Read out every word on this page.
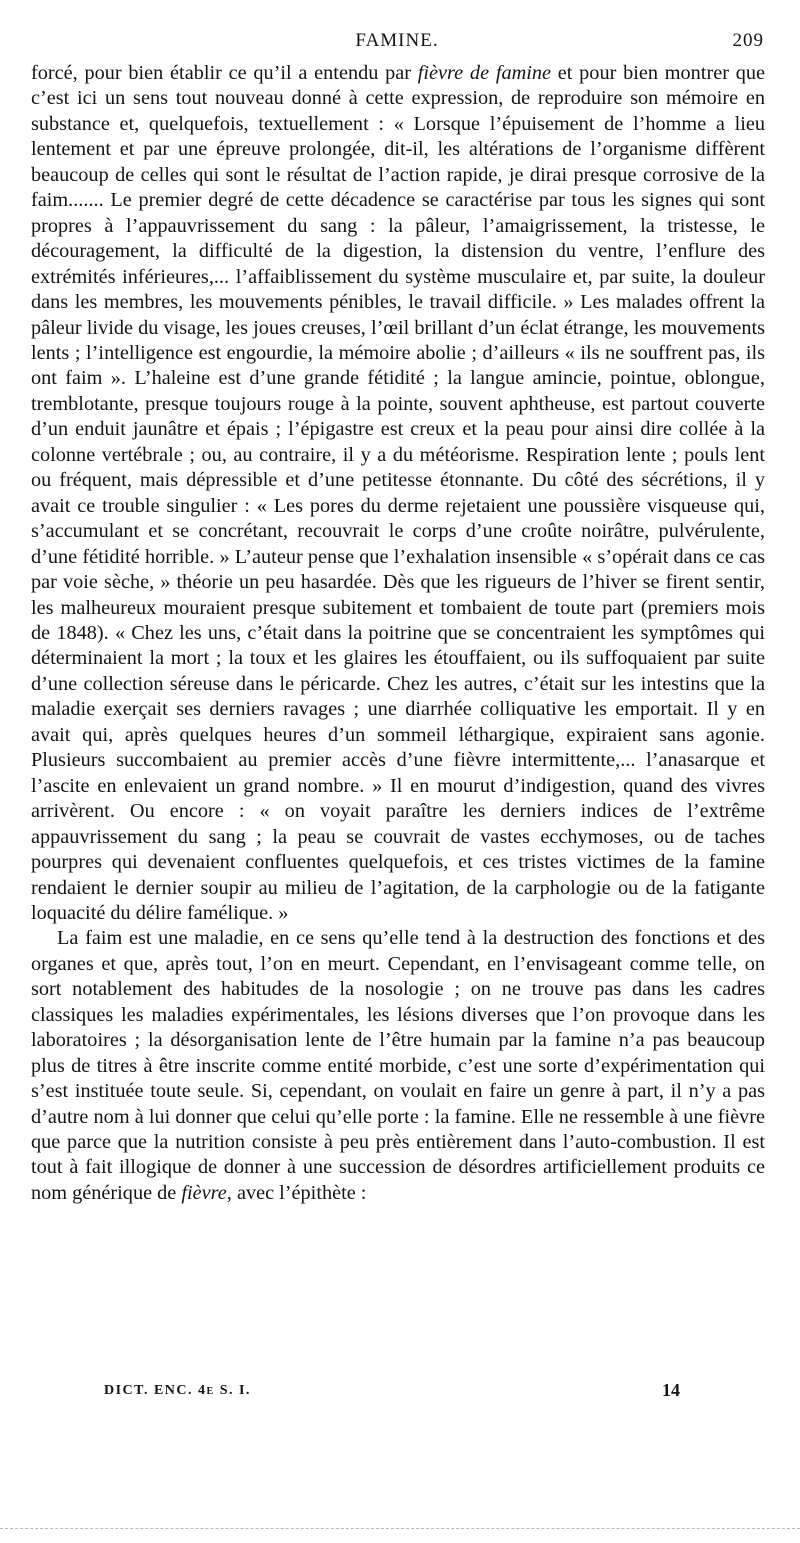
FAMINE.	209

forcé, pour bien établir ce qu’il a entendu par fièvre de famine et pour bien montrer que c’est ici un sens tout nouveau donné à cette expression, de reproduire son mémoire en substance et, quelquefois, textuellement : « Lorsque l’épuisement de l’homme a lieu lentement et par une épreuve prolongée, dit-il, les altérations de l’organisme diffèrent beaucoup de celles qui sont le résultat de l’action rapide, je dirai presque corrosive de la faim....... Le premier degré de cette décadence se caractérise par tous les signes qui sont propres à l’appauvrissement du sang : la pâleur, l’amaigrissement, la tristesse, le découragement, la difficulté de la digestion, la distension du ventre, l’enflure des extrémités inférieures,... l’affaiblissement du système musculaire et, par suite, la douleur dans les membres, les mouvements pénibles, le travail difficile. » Les malades offrent la pâleur livide du visage, les joues creuses, l’œil brillant d’un éclat étrange, les mouvements lents ; l’intelligence est engourdie, la mémoire abolie ; d’ailleurs « ils ne souffrent pas, ils ont faim ». L’haleine est d’une grande fétidité ; la langue amincie, pointue, oblongue, tremblotante, presque toujours rouge à la pointe, souvent aphtheuse, est partout couverte d’un enduit jaunâtre et épais ; l’épigastre est creux et la peau pour ainsi dire collée à la colonne vertébrale ; ou, au contraire, il y a du météorisme. Respiration lente ; pouls lent ou fréquent, mais dépressible et d’une petitesse étonnante. Du côté des sécrétions, il y avait ce trouble singulier : « Les pores du derme rejetaient une poussière visqueuse qui, s’accumulant et se concrétant, recouvrait le corps d’une croûte noirâtre, pulvérulente, d’une fétidité horrible. » L’auteur pense que l’exhalation insensible « s’opérait dans ce cas par voie sèche, » théorie un peu hasardée. Dès que les rigueurs de l’hiver se firent sentir, les malheureux mouraient presque subitement et tombaient de toute part (premiers mois de 1848). « Chez les uns, c’était dans la poitrine que se concentraient les symptômes qui déterminaient la mort ; la toux et les glaires les étouffaient, ou ils suffoquaient par suite d’une collection séreuse dans le péricarde. Chez les autres, c’était sur les intestins que la maladie exerçait ses derniers ravages ; une diarrhée colliquative les emportait. Il y en avait qui, après quelques heures d’un sommeil léthargique, expiraient sans agonie. Plusieurs succombaient au premier accès d’une fièvre intermittente,... l’anasarque et l’ascite en enlevaient un grand nombre. » Il en mourut d’indigestion, quand des vivres arrivèrent. Ou encore : « on voyait paraître les derniers indices de l’extrême appauvrissement du sang ; la peau se couvrait de vastes ecchymoses, ou de taches pourpres qui devenaient confluentes quelquefois, et ces tristes victimes de la famine rendaient le dernier soupir au milieu de l’agitation, de la carphologie ou de la fatigante loquacité du délire famélique. »

La faim est une maladie, en ce sens qu’elle tend à la destruction des fonctions et des organes et que, après tout, l’on en meurt. Cependant, en l’envisageant comme telle, on sort notablement des habitudes de la nosologie ; on ne trouve pas dans les cadres classiques les maladies expérimentales, les lésions diverses que l’on provoque dans les laboratoires ; la désorganisation lente de l’être humain par la famine n’a pas beaucoup plus de titres à être inscrite comme entité morbide, c’est une sorte d’expérimentation qui s’est instituée toute seule. Si, cependant, on voulait en faire un genre à part, il n’y a pas d’autre nom à lui donner que celui qu’elle porte : la famine. Elle ne ressemble à une fièvre que parce que la nutrition consiste à peu près entièrement dans l’auto-combustion. Il est tout à fait illogique de donner à une succession de désordres artificiellement produits ce nom générique de fièvre, avec l’épithète :

DICT. ENC. 4e S. I.	14
